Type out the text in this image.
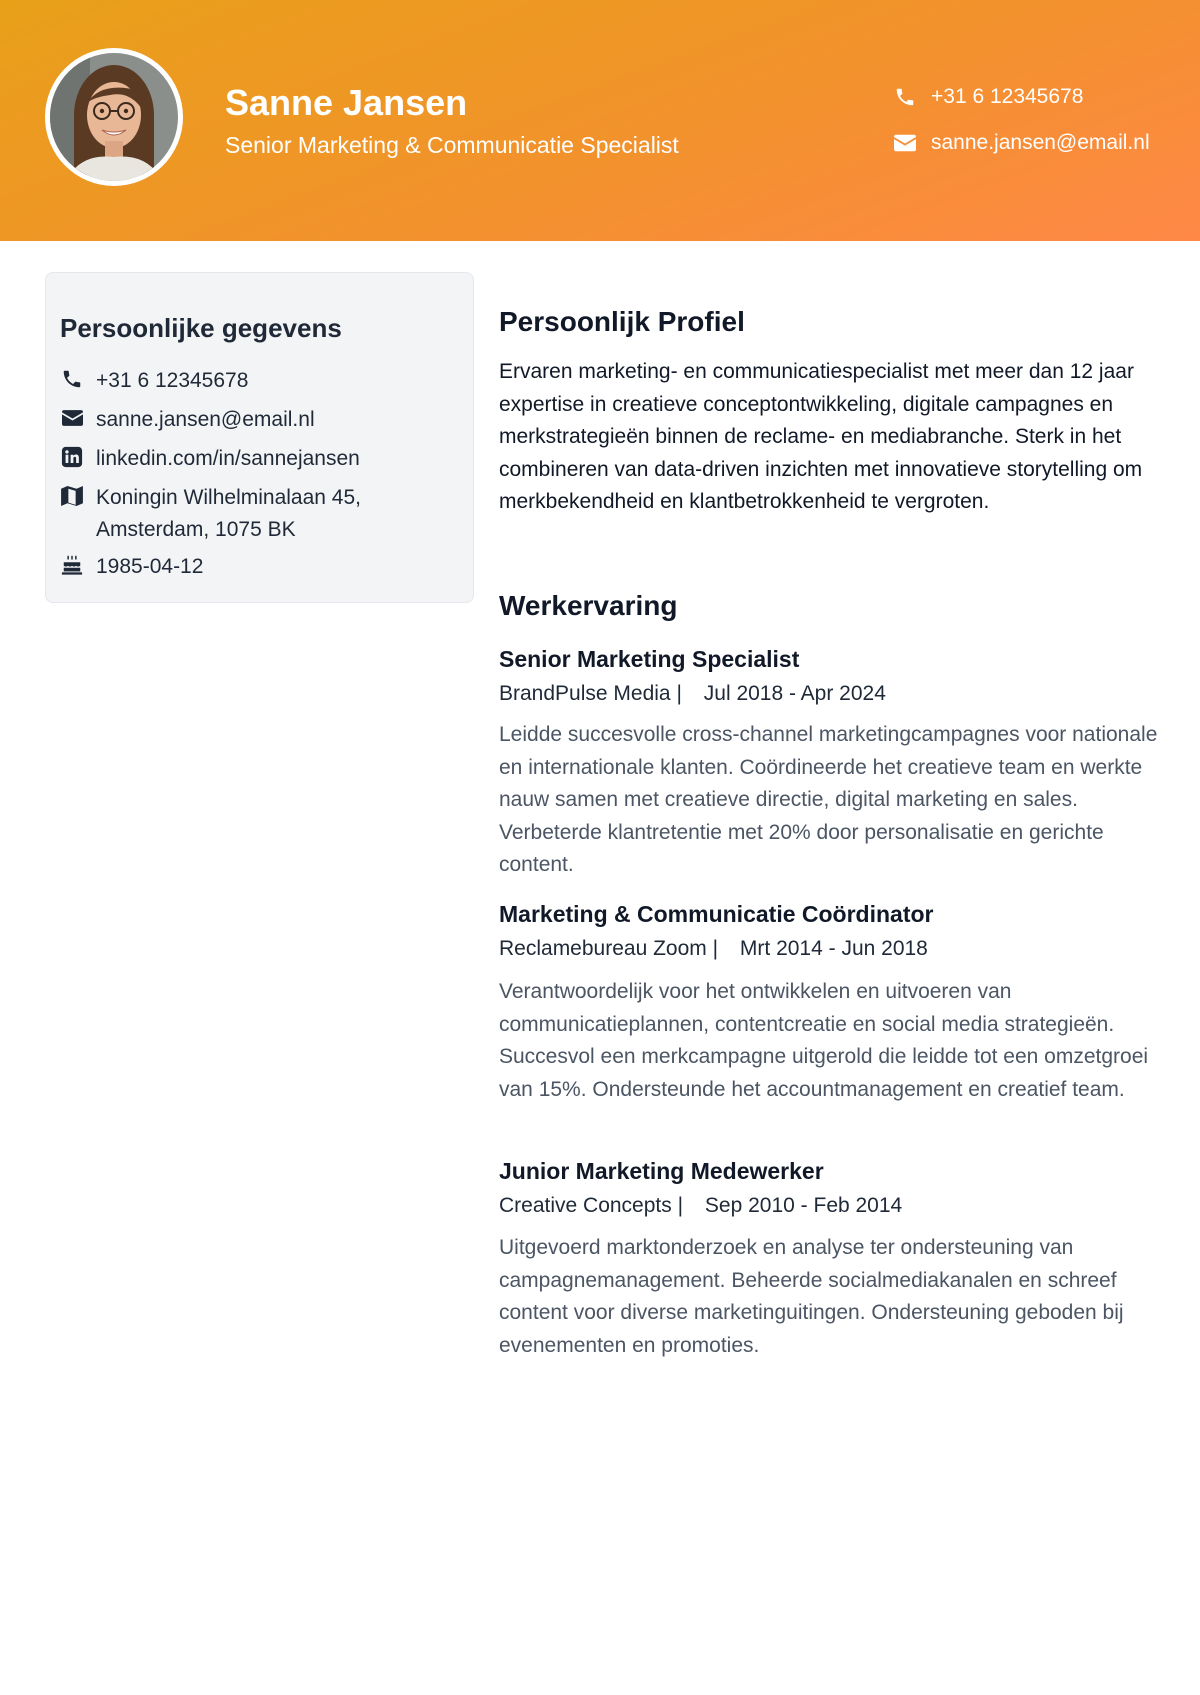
Sanne Jansen
Senior Marketing & Communicatie Specialist
+31 6 12345678
sanne.jansen@email.nl
Persoonlijke gegevens
+31 6 12345678
sanne.jansen@email.nl
linkedin.com/in/sannejansen
Koningin Wilhelminalaan 45,
Amsterdam, 1075 BK
1985-04-12
Persoonlijk Profiel

Ervaren marketing- en communicatiespecialist met meer dan 12 jaar expertise in creatieve conceptontwikkeling, digitale campagnes en merkstrategieën binnen de reclame- en mediabranche. Sterk in het combineren van data-driven inzichten met innovatieve storytelling om merkbekendheid en klantbetrokkenheid te vergroten.

Werkervaring
Senior Marketing Specialist
BrandPulse Media | Jul 2018 - Apr 2024

Leidde succesvolle cross-channel marketingcampagnes voor nationale en internationale klanten. Coördineerde het creatieve team en werkte nauw samen met creatieve directie, digital marketing en sales. Verbeterde klantretentie met 20% door personalisatie en gerichte content.

Marketing & Communicatie Coördinator
Reclamebureau Zoom | Mrt 2014 - Jun 2018

Verantwoordelijk voor het ontwikkelen en uitvoeren van communicatieplannen, contentcreatie en social media strategieën. Succesvol een merkcampagne uitgerold die leidde tot een omzetgroei van 15%. Ondersteunde het accountmanagement en creatief team.

Junior Marketing Medewerker
Creative Concepts | Sep 2010 - Feb 2014

Uitgevoerd marktonderzoek en analyse ter ondersteuning van campagnemanagement. Beheerde socialmediakanalen en schreef content voor diverse marketinguitingen. Ondersteuning geboden bij evenementen en promoties.
